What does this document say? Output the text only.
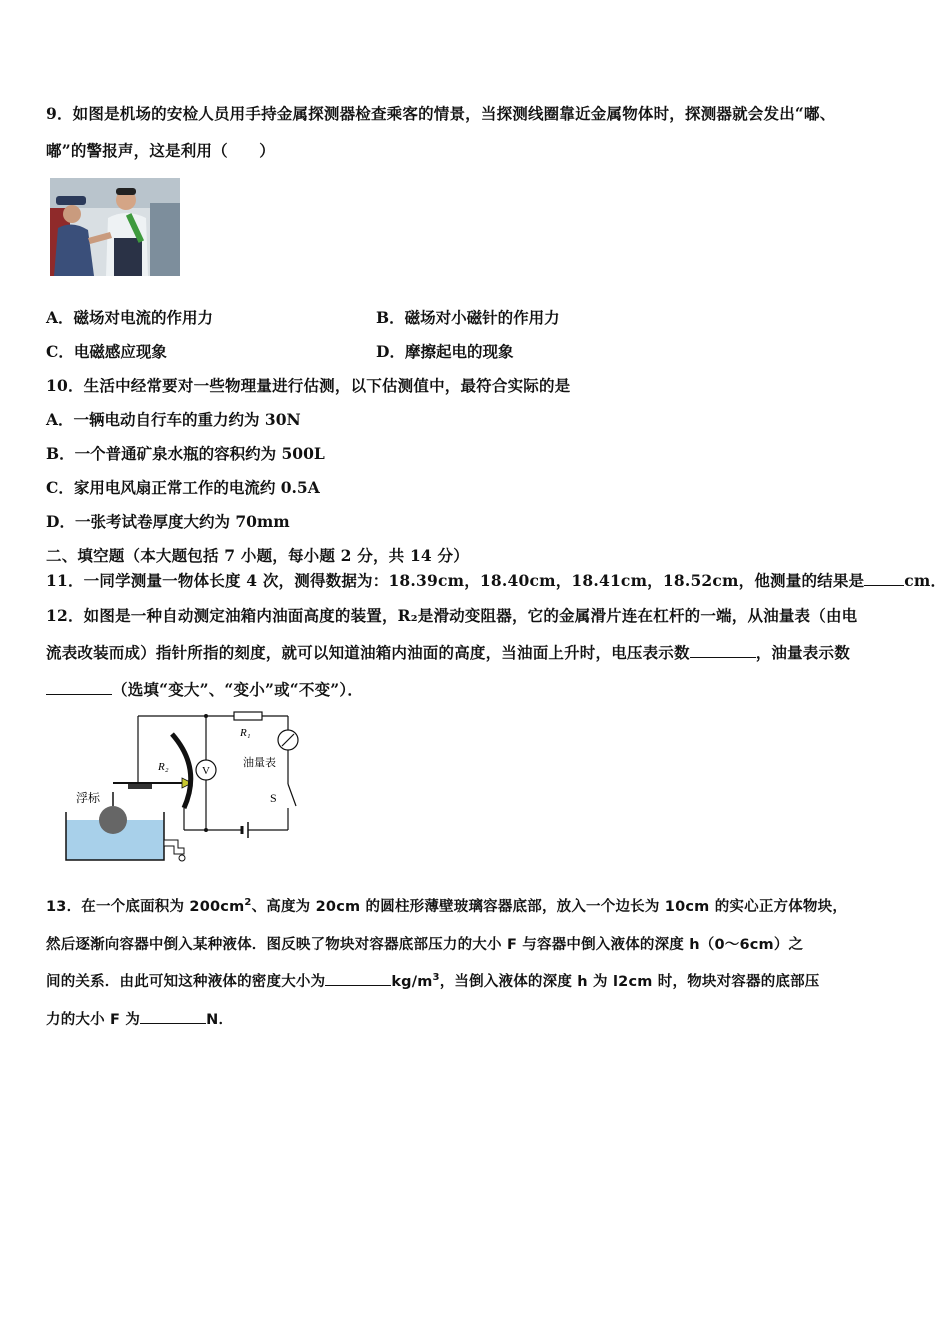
9．如图是机场的安检人员用手持金属探测器检查乘客的情景，当探测线圈靠近金属物体时，探测器就会发出“嘟、
嘟”的警报声，这是利用（　　）
A．磁场对电流的作用力	B．磁场对小磁针的作用力
C．电磁感应现象	D．摩擦起电的现象
10．生活中经常要对一些物理量进行估测，以下估测值中，最符合实际的是
A．一辆电动自行车的重力约为 30N
B．一个普通矿泉水瓶的容积约为 500L
C．家用电风扇正常工作的电流约 0.5A
D．一张考试卷厚度大约为 70mm
二、填空题（本大题包括 7 小题，每小题 2 分，共 14 分）
11．一同学测量一物体长度 4 次，测得数据为：18.39cm，18.40cm，18.41cm，18.52cm，他测量的结果是	cm．
12．如图是一种自动测定油箱内油面高度的装置，R₂是滑动变阻器，它的金属滑片连在杠杆的一端，从油量表（由电
流表改装而成）指针所指的刻度，就可以知道油箱内油面的高度，当油面上升时，电压表示数	，油量表示数
（选填“变大”、“变小”或“不变”）．
浮标
R₂
R₁
油量表
S
V
13．在一个底面积为 $200cm^2$、高度为 20cm 的圆柱形薄壁玻璃容器底部，放入一个边长为 10cm 的实心正方体物块，
然后逐渐向容器中倒入某种液体．图反映了物块对容器底部压力的大小 F 与容器中倒入液体的深度 h（0～6cm）之
间的关系．由此可知这种液体的密度大小为	$kg/m^3$，当倒入液体的深度 h 为 l2cm 时，物块对容器的底部压
力的大小 F 为	N．
